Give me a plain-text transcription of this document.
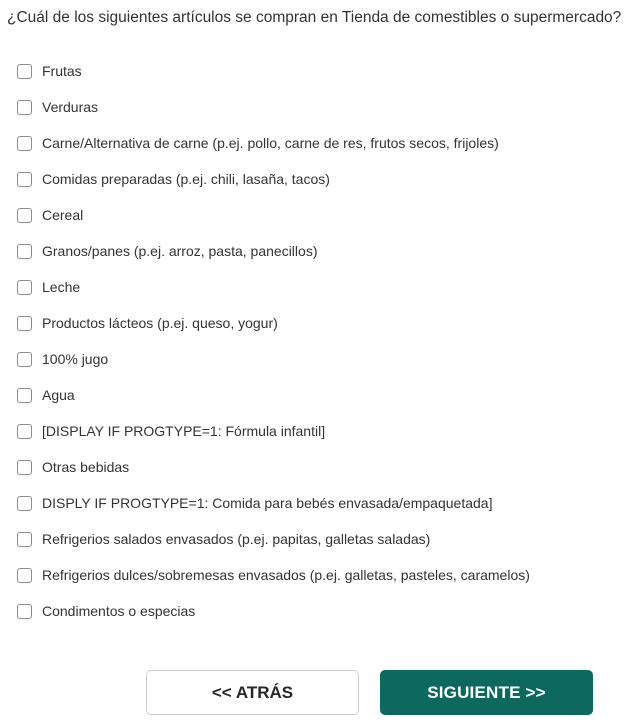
¿Cuál de los siguientes artículos se compran en Tienda de comestibles o supermercado?
Frutas
Verduras
Carne/Alternativa de carne (p.ej. pollo, carne de res, frutos secos, frijoles)
Comidas preparadas (p.ej. chili, lasaña, tacos)
Cereal
Granos/panes (p.ej. arroz, pasta, panecillos)
Leche
Productos lácteos (p.ej. queso, yogur)
100% jugo
Agua
[DISPLAY IF PROGTYPE=1: Fórmula infantil]
Otras bebidas
DISPLY IF PROGTYPE=1: Comida para bebés envasada/empaquetada]
Refrigerios salados envasados (p.ej. papitas, galletas saladas)
Refrigerios dulces/sobremesas envasados (p.ej. galletas, pasteles, caramelos)
Condimentos o especias
<< ATRÁS	SIGUIENTE >>
